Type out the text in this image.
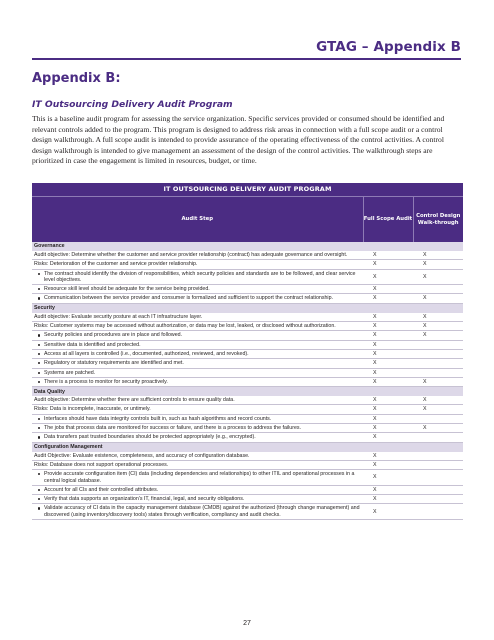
GTAG – Appendix B
Appendix B:
IT Outsourcing Delivery Audit Program

This is a baseline audit program for assessing the service organization. Specific services provided or consumed should be identified and relevant controls added to the program. This program is designed to address risk areas in connection with a full scope audit or a control design walkthrough. A full scope audit is intended to provide assurance of the operating effectiveness of the control activities. A control design walkthrough is intended to give management an assessment of the design of the control activities. The walkthrough steps are prioritized in case the engagement is limited in resources, budget, or time.

IT OUTSOURCING DELIVERY AUDIT PROGRAM		
Audit Step	Full Scope Audit	Control Design Walk-through
Governance		
Audit objective: Determine whether the customer and service provider relationship (contract) has adequate governance and oversight.	X	X
Risks: Deterioration of the customer and service provider relationship.	X	X

The contract should identify the division of responsibilities, which security policies and standards are to be followed, and clear service level objectives.	X	X

Resource skill level should be adequate for the service being provided.	X	

Communication between the service provider and consumer is formalized and sufficient to support the contract relationship.	X	X
Security		
Audit objective: Evaluate security posture at each IT infrastructure layer.	X	X
Risks: Customer systems may be accessed without authorization, or data may be lost, leaked, or disclosed without authorization.	X	X

Security policies and procedures are in place and followed.	X	X

Sensitive data is identified and protected.	X	

Access at all layers is controlled (i.e., documented, authorized, reviewed, and revoked).	X	

Regulatory or statutory requirements are identified and met.	X	

Systems are patched.	X	

There is a process to monitor for security proactively.	X	X
Data Quality		
Audit objective: Determine whether there are sufficient controls to ensure quality data.	X	X
Risks: Data is incomplete, inaccurate, or untimely.	X	X

Interfaces should have data integrity controls built in, such as hash algorithms and record counts.	X	

The jobs that process data are monitored for success or failure, and there is a process to address the failures.	X	X

Data transfers past trusted boundaries should be protected appropriately (e.g., encrypted).	X	
Configuration Management		
Audit Objective: Evaluate existence, completeness, and accuracy of configuration database.	X	
Risks: Database does not support operational processes.	X	

Provide accurate configuration item (CI) data (including dependencies and relationships) to other ITIL and operational processes in a central logical database.	X	

Account for all CIs and their controlled attributes.	X	

Verify that data supports an organization's IT, financial, legal, and security obligations.	X	

Validate accuracy of CI data in the capacity management database (CMDB) against the authorized (through change management) and discovered (using inventory/discovery tools) states through verification, compliancy and audit checks.	X	
27
